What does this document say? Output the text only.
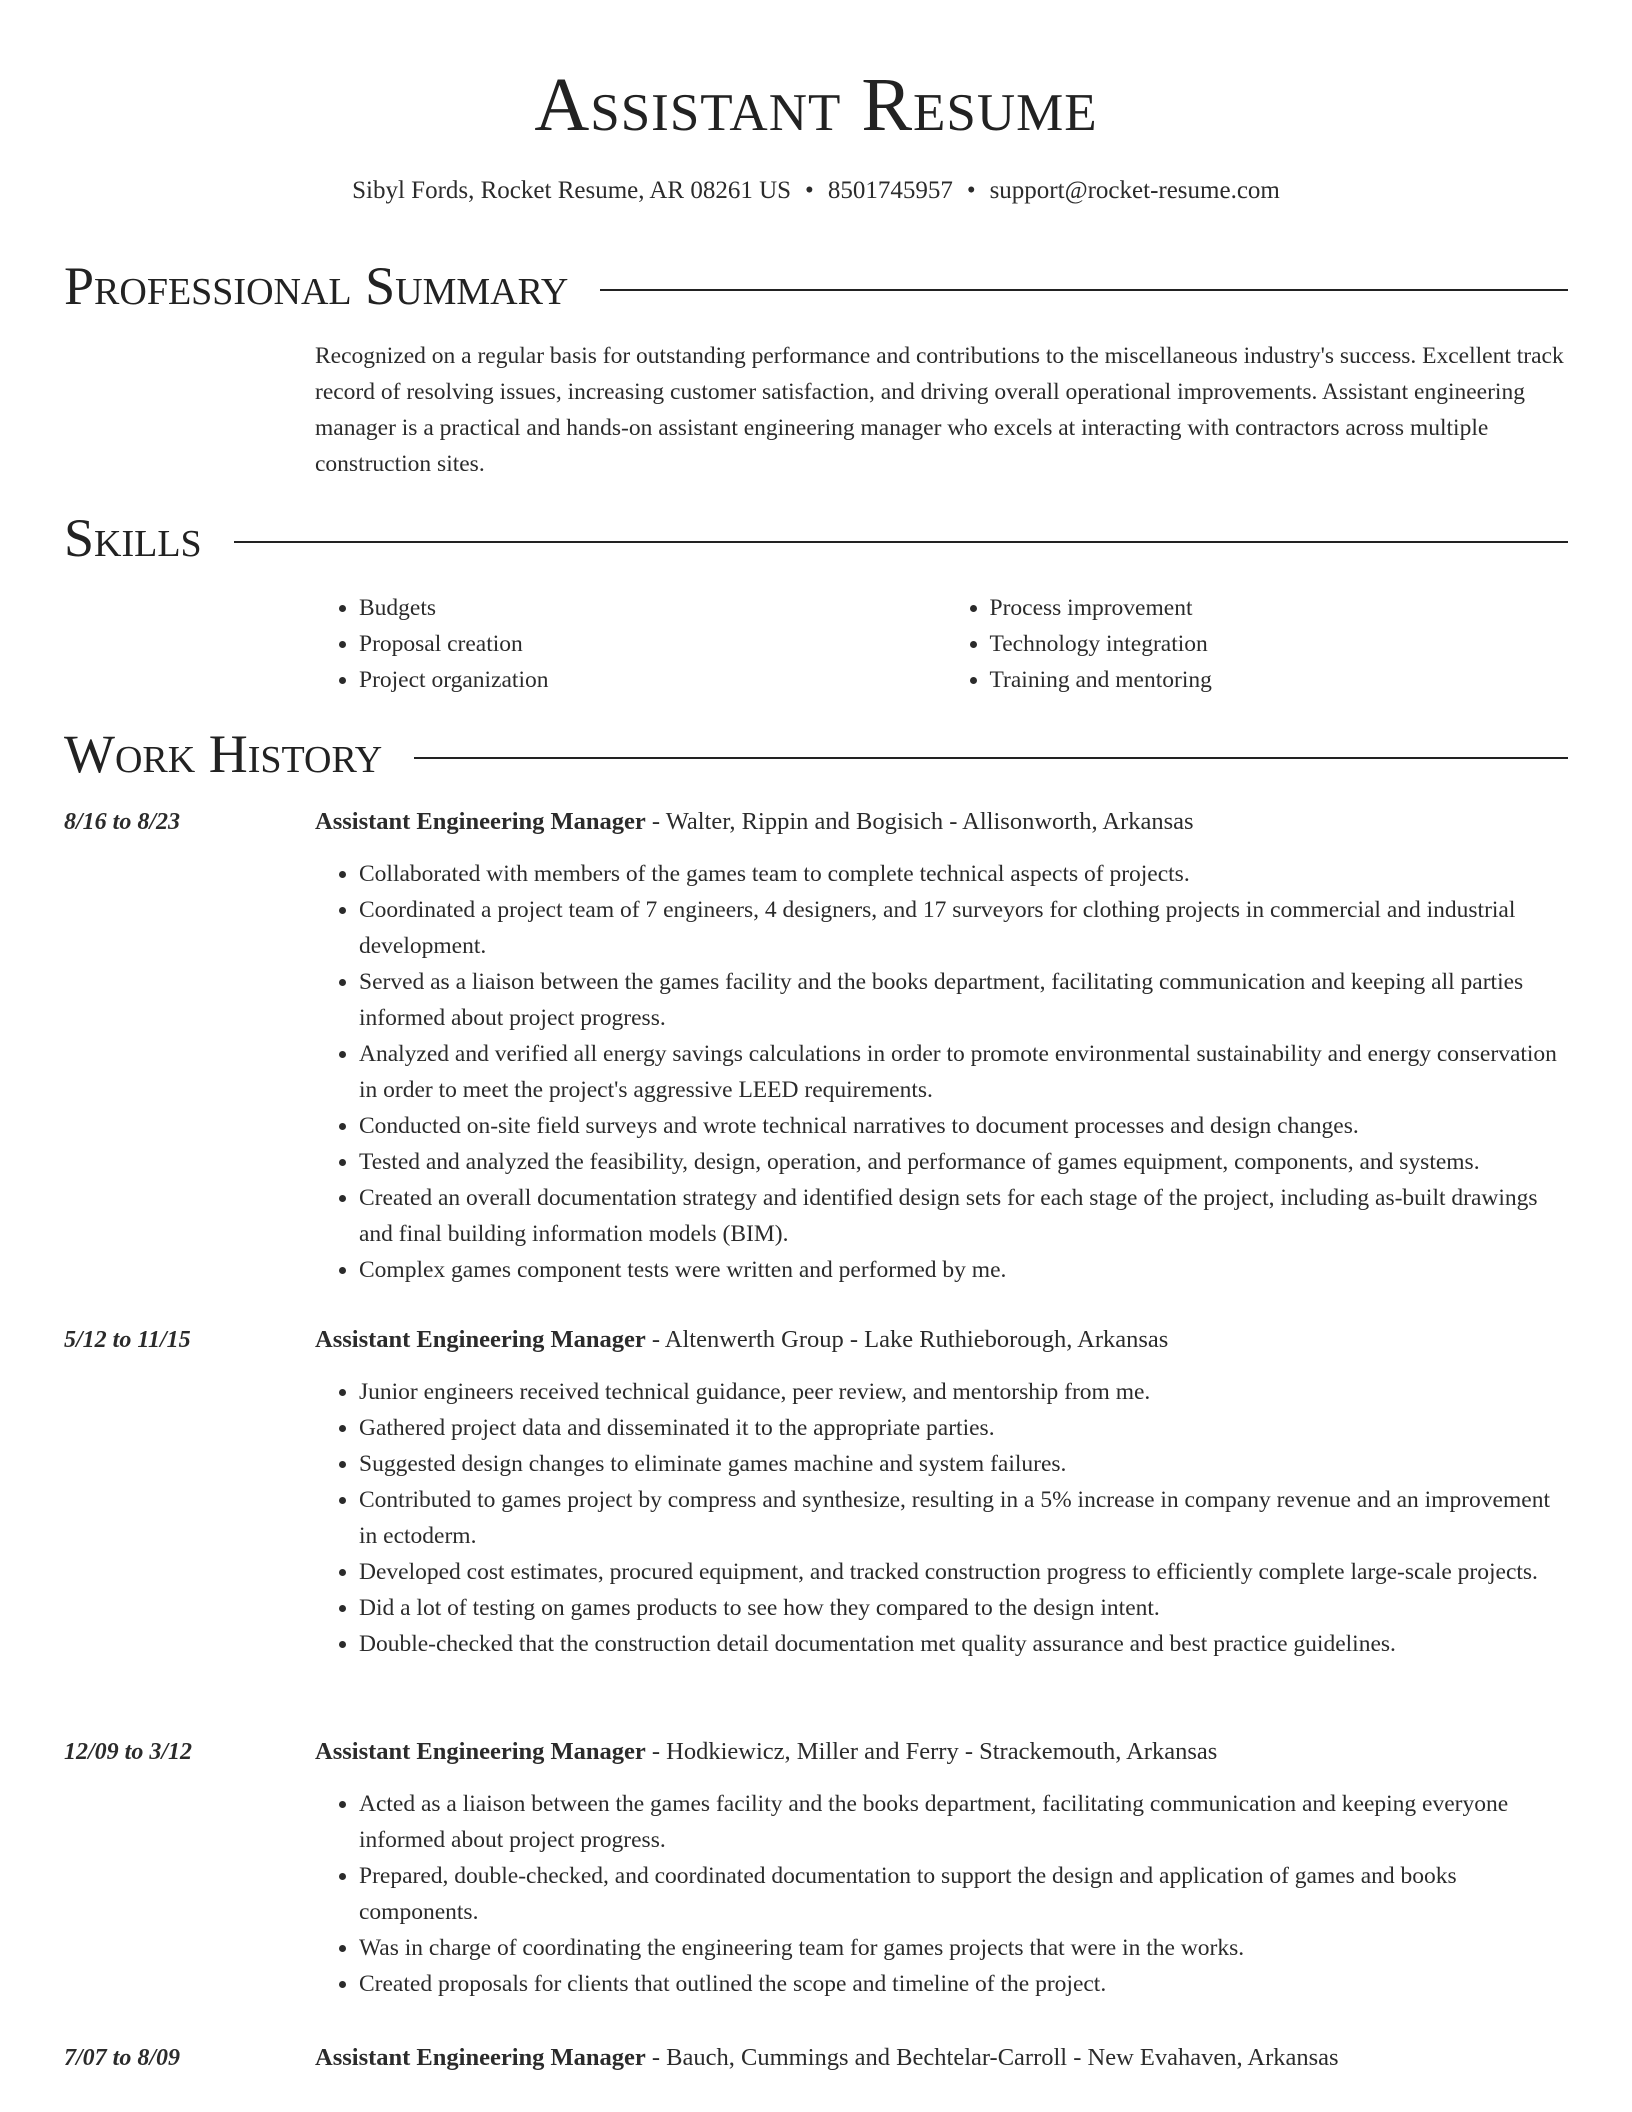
Assistant Resume
Sibyl Fords, Rocket Resume, AR 08261 US • 8501745957 • support@rocket-resume.com
Professional Summary

Recognized on a regular basis for outstanding performance and contributions to the miscellaneous industry's success. Excellent track record of resolving issues, increasing customer satisfaction, and driving overall operational improvements. Assistant engineering manager is a practical and hands-on assistant engineering manager who excels at interacting with contractors across multiple construction sites.

Skills
• Budgets
• Proposal creation
• Project organization
• Process improvement
• Technology integration
• Training and mentoring
Work History
8/16 to 8/23	Assistant Engineering Manager - Walter, Rippin and Bogisich - Allisonworth, Arkansas
• Collaborated with members of the games team to complete technical aspects of projects.
• Coordinated a project team of 7 engineers, 4 designers, and 17 surveyors for clothing projects in commercial and industrial development.
• Served as a liaison between the games facility and the books department, facilitating communication and keeping all parties informed about project progress.
• Analyzed and verified all energy savings calculations in order to promote environmental sustainability and energy conservation in order to meet the project's aggressive LEED requirements.
• Conducted on-site field surveys and wrote technical narratives to document processes and design changes.
• Tested and analyzed the feasibility, design, operation, and performance of games equipment, components, and systems.
• Created an overall documentation strategy and identified design sets for each stage of the project, including as-built drawings and final building information models (BIM).
• Complex games component tests were written and performed by me.
5/12 to 11/15	Assistant Engineering Manager - Altenwerth Group - Lake Ruthieborough, Arkansas
• Junior engineers received technical guidance, peer review, and mentorship from me.
• Gathered project data and disseminated it to the appropriate parties.
• Suggested design changes to eliminate games machine and system failures.
• Contributed to games project by compress and synthesize, resulting in a 5% increase in company revenue and an improvement in ectoderm.
• Developed cost estimates, procured equipment, and tracked construction progress to efficiently complete large-scale projects.
• Did a lot of testing on games products to see how they compared to the design intent.
• Double-checked that the construction detail documentation met quality assurance and best practice guidelines.
12/09 to 3/12	Assistant Engineering Manager - Hodkiewicz, Miller and Ferry - Strackemouth, Arkansas
• Acted as a liaison between the games facility and the books department, facilitating communication and keeping everyone informed about project progress.
• Prepared, double-checked, and coordinated documentation to support the design and application of games and books components.
• Was in charge of coordinating the engineering team for games projects that were in the works.
• Created proposals for clients that outlined the scope and timeline of the project.
7/07 to 8/09	Assistant Engineering Manager - Bauch, Cummings and Bechtelar-Carroll - New Evahaven, Arkansas
